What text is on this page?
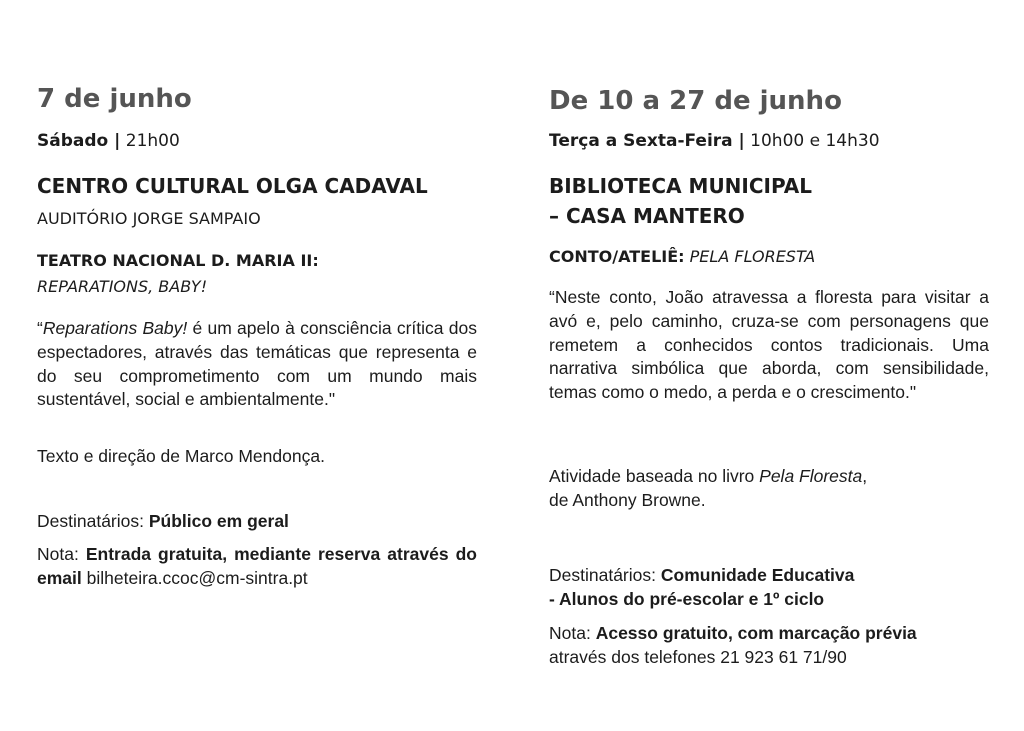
7 de junho
Sábado | 21h00
CENTRO CULTURAL OLGA CADAVAL
AUDITÓRIO JORGE SAMPAIO
TEATRO NACIONAL D. MARIA II:
REPARATIONS, BABY!
“Reparations Baby! é um apelo à consciência crítica dos espectadores, através das temáticas que representa e do seu comprometimento com um mundo mais sustentável, social e ambientalmente."
Texto e direção de Marco Mendonça.
Destinatários: Público em geral
Nota: Entrada gratuita, mediante reserva através do email bilheteira.ccoc@cm-sintra.pt
De 10 a 27 de junho
Terça a Sexta-Feira | 10h00 e 14h30
BIBLIOTECA MUNICIPAL
– CASA MANTERO
CONTO/ATELIÊ: PELA FLORESTA
“Neste conto, João atravessa a floresta para visitar a avó e, pelo caminho, cruza-se com personagens que remetem a conhecidos contos tradicionais. Uma narrativa simbólica que aborda, com sensibilidade, temas como o medo, a perda e o crescimento."
Atividade baseada no livro Pela Floresta,
de Anthony Browne.
Destinatários: Comunidade Educativa
- Alunos do pré-escolar e 1º ciclo
Nota: Acesso gratuito, com marcação prévia
através dos telefones 21 923 61 71/90
